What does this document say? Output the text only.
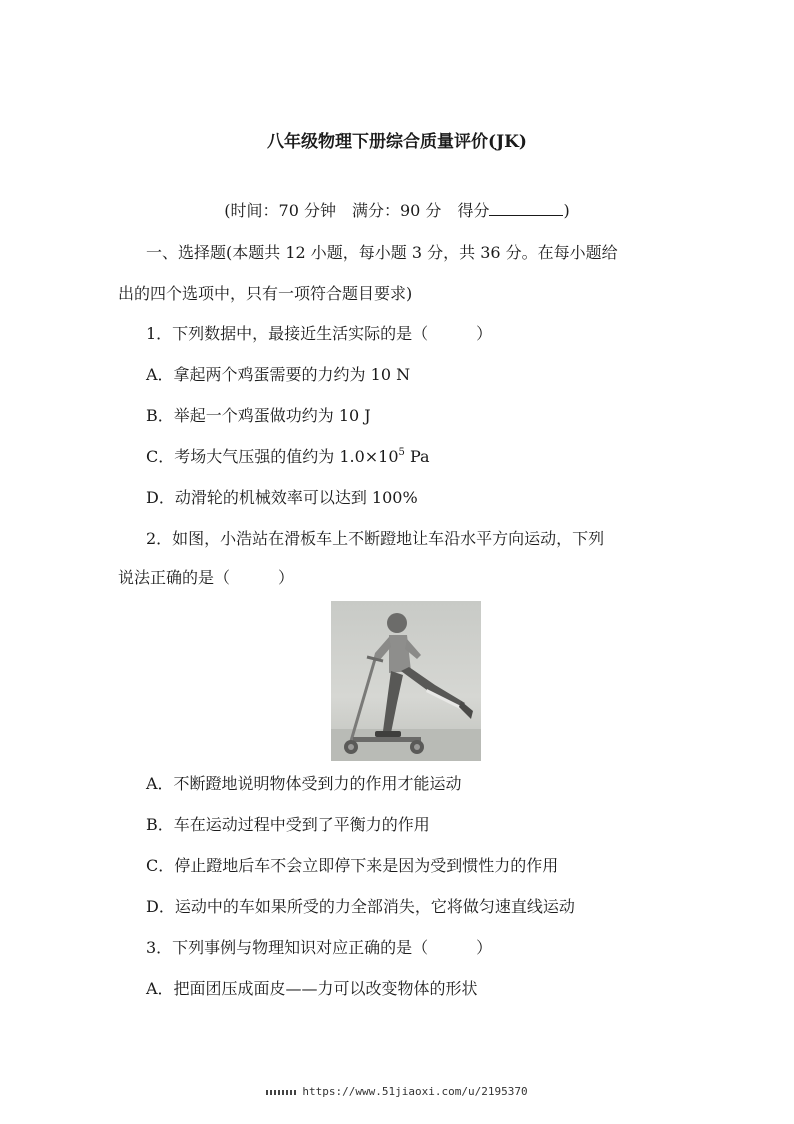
八年级物理下册综合质量评价(JK)
(时间：70 分钟　 满分：90 分　 得分	)
一、选择题(本题共 12 小题，每小题 3 分，共 36 分。在每小题给
出的四个选项中，只有一项符合题目要求)
1．下列数据中，最接近生活实际的是（　　　）
A．拿起两个鸡蛋需要的力约为 10 N
B．举起一个鸡蛋做功约为 10 J
C．考场大气压强的值约为 $1.0\times 10^5$ Pa
D．动滑轮的机械效率可以达到 100%
2．如图，小浩站在滑板车上不断蹬地让车沿水平方向运动，下列
说法正确的是（　　　）
A．不断蹬地说明物体受到力的作用才能运动
B．车在运动过程中受到了平衡力的作用
C．停止蹬地后车不会立即停下来是因为受到惯性力的作用
D．运动中的车如果所受的力全部消失，它将做匀速直线运动
3．下列事例与物理知识对应正确的是（　　　）
A．把面团压成面皮——力可以改变物体的形状
https://www.51jiaoxi.com/u/2195370
